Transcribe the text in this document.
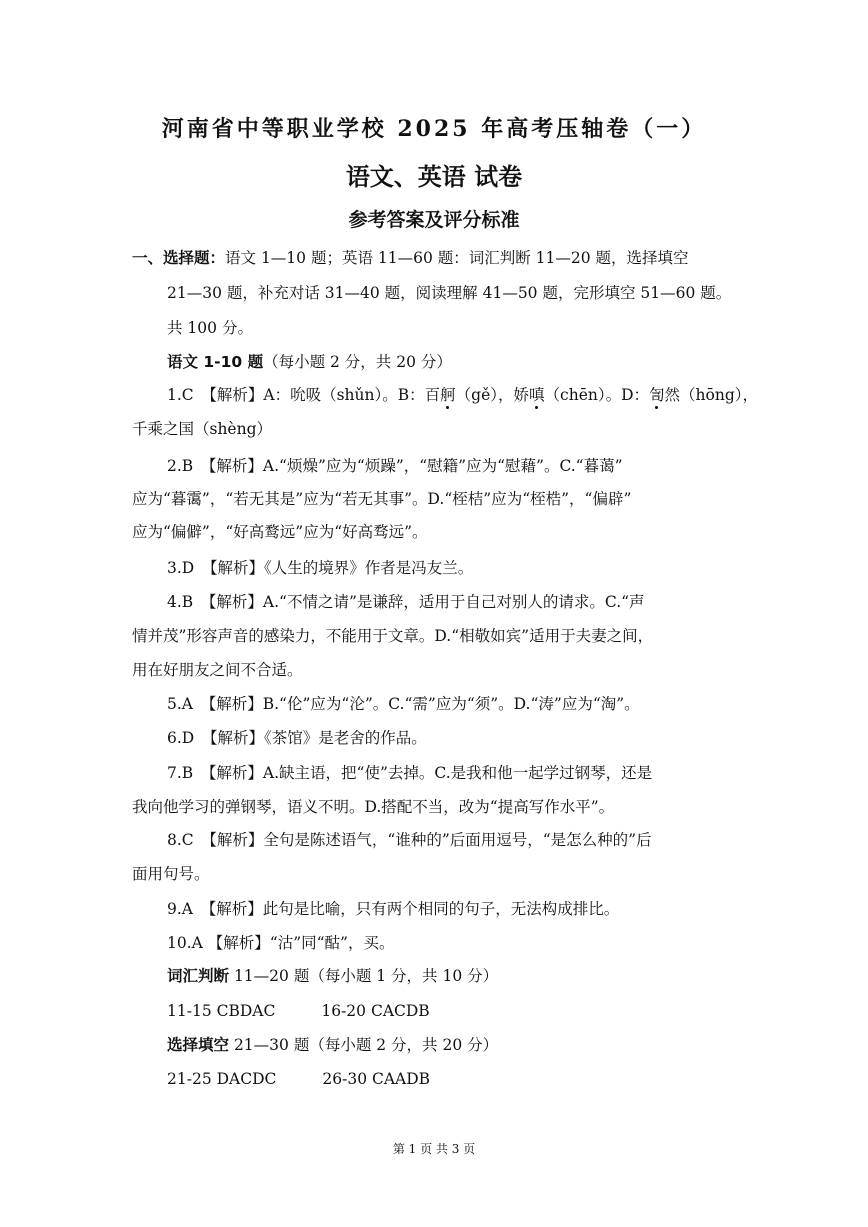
河南省中等职业学校 2025 年高考压轴卷（一）
语文、英语 试卷
参考答案及评分标准
一、选择题：语文 1—10 题；英语 11—60 题：词汇判断 11—20 题，选择填空
21—30 题，补充对话 31—40 题，阅读理解 41—50 题，完形填空 51—60 题。
共 100 分。
语文 1-10 题（每小题 2 分，共 20 分）
1.C　【解析】A：吮吸（shǔn）。B：百舸（gě），娇嗔（chēn）。D：訇然（hōng），
千乘之国（shèng）
2.B　【解析】A.“烦燥”应为“烦躁”，“慰籍”应为“慰藉”。C.“暮蔼”
应为“暮霭”，“若无其是”应为“若无其事”。D.“桎桔”应为“桎梏”，“偏辟”
应为“偏僻”，“好高鹜远”应为“好高骛远”。
3.D　【解析】《人生的境界》作者是冯友兰。
4.B　【解析】A.“不情之请”是谦辞，适用于自己对别人的请求。C.“声
情并茂”形容声音的感染力，不能用于文章。D.“相敬如宾”适用于夫妻之间，
用在好朋友之间不合适。
5.A　【解析】B.“伦”应为“沦”。C.“需”应为“须”。D.“涛”应为“淘”。
6.D　【解析】《茶馆》是老舍的作品。
7.B　【解析】A.缺主语，把“使”去掉。C.是我和他一起学过钢琴，还是
我向他学习的弹钢琴，语义不明。D.搭配不当，改为“提高写作水平”。
8.C　【解析】全句是陈述语气，“谁种的”后面用逗号，“是怎么种的”后
面用句号。
9.A　【解析】此句是比喻，只有两个相同的句子，无法构成排比。
10.A 【解析】“沽”同“酤”，买。
词汇判断 11—20 题（每小题 1 分，共 10 分）
11-15 CBDAC	16-20 CACDB
选择填空 21—30 题（每小题 2 分，共 20 分）
21-25 DACDC	26-30 CAADB
第 1 页 共 3 页
